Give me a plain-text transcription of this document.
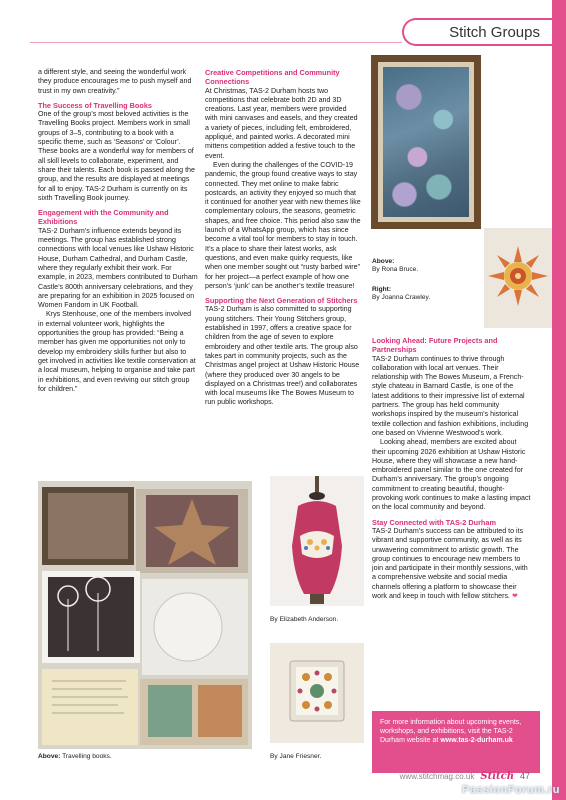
Stitch Groups

a different style, and seeing the wonderful work they produce encourages me to push myself and trust in my own creativity.”

The Success of Travelling Books

One of the group’s most beloved activities is the Travelling Books project. Members work in small groups of 3–5, contributing to a book with a specific theme, such as ‘Seasons’ or ‘Colour’. These books are a wonderful way for members of all skill levels to collaborate, experiment, and share their talents. Each book is passed along the group, and the results are displayed at meetings for all to enjoy. TAS-2 Durham is currently on its sixth Travelling Book journey.

Engagement with the Community and Exhibitions

TAS-2 Durham’s influence extends beyond its meetings. The group has established strong connections with local venues like Ushaw Historic House, Durham Cathedral, and Durham Castle, where they regularly exhibit their work. For example, in 2023, members contributed to Durham Castle’s 800th anniversary celebrations, and they are preparing for an exhibition in 2025 focused on Women Fandom in UK Football.

Krys Stenhouse, one of the members involved in external volunteer work, highlights the opportunities the group has provided: “Being a member has given me opportunities not only to develop my embroidery skills further but also to get involved in activities like textile conservation at a local museum, helping to organise and take part in exhibitions, and even reviving our stitch group for children.”

Creative Competitions and Community Connections

At Christmas, TAS-2 Durham hosts two competitions that celebrate both 2D and 3D creations. Last year, members were provided with mini canvases and easels, and they created a variety of pieces, including felt, embroidered, appliqué, and painted works. A decorated mini mittens competition added a festive touch to the event.

Even during the challenges of the COVID-19 pandemic, the group found creative ways to stay connected. They met online to make fabric postcards, an activity they enjoyed so much that it continued for another year with new themes like complementary colours, the seasons, geometric shapes, and free choice. This period also saw the launch of a WhatsApp group, which has since become a vital tool for members to stay in touch. It’s a place to share their latest works, ask questions, and even make quirky requests, like when one member sought out “rusty barbed wire” for her project—a perfect example of how one person’s ‘junk’ can be another’s textile treasure!

Supporting the Next Generation of Stitchers

TAS-2 Durham is also committed to supporting young stitchers. Their Young Stitchers group, established in 1997, offers a creative space for children from the age of seven to explore embroidery and other textile arts. The group also takes part in community projects, such as the Christmas angel project at Ushaw Historic House (where they produced over 30 angels to be displayed on a Christmas tree!) and collaborates with local museums like The Bowes Museum to run public workshops.

Above:
By Rona Bruce.
Right:
By Joanna Crawley.
Looking Ahead: Future Projects and Partnerships

TAS-2 Durham continues to thrive through collaboration with local art venues. Their relationship with The Bowes Museum, a French-style chateau in Barnard Castle, is one of the latest additions to their impressive list of external partners. The group has held community workshops inspired by the museum’s historical textile collection and fashion exhibitions, including one based on Vivienne Westwood’s work.

Looking ahead, members are excited about their upcoming 2026 exhibition at Ushaw Historic House, where they will showcase a new hand-embroidered panel similar to the one created for Durham’s anniversary. The group’s ongoing commitment to creating beautiful, thought-provoking work continues to make a lasting impact on the local community and beyond.

Stay Connected with TAS-2 Durham

TAS-2 Durham’s success can be attributed to its vibrant and supportive community, as well as its unwavering commitment to artistic growth. The group continues to encourage new members to join and participate in their monthly sessions, with a comprehensive website and social media channels offering a platform to showcase their work and keep in touch with fellow stitchers. ❤

Above: Travelling books.
By Elizabeth Anderson.
By Jane Friesner.
For more information about upcoming events, workshops, and exhibitions, visit the TAS-2 Durham website at www.tas-2-durham.uk
www.stitchmag.co.uk Stitch 47
PassionForum.ru
